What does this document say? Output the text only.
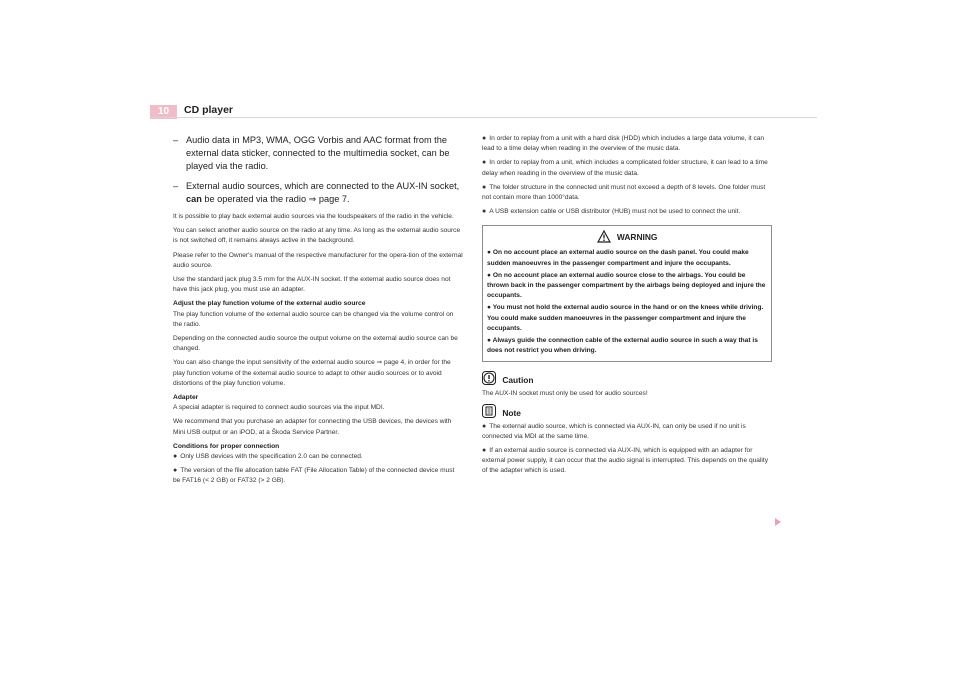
10	CD player
– Audio data in MP3, WMA, OGG Vorbis and AAC format from the external data sticker, connected to the multimedia socket, can be played via the radio.
– External audio sources, which are connected to the AUX-IN socket, can be operated via the radio ⇒ page 7.

It is possible to play back external audio sources via the loudspeakers of the radio in the vehicle.

You can select another audio source on the radio at any time. As long as the external audio source is not switched off, it remains always active in the background.

Please refer to the Owner's manual of the respective manufacturer for the opera-tion of the external audio source.

Use the standard jack plug 3.5 mm for the AUX-IN socket. If the external audio source does not have this jack plug, you must use an adapter.

Adjust the play function volume of the external audio source

The play function volume of the external audio source can be changed via the volume control on the radio.

Depending on the connected audio source the output volume on the external audio source can be changed.

You can also change the input sensitivity of the external audio source ⇒ page 4, in order for the play function volume of the external audio source to adapt to other audio sources or to avoid distortions of the play function volume.

Adapter

A special adapter is required to connect audio sources via the input MDI.

We recommend that you purchase an adapter for connecting the USB devices, the devices with Mini USB output or an iPOD, at a Škoda Service Partner.

Conditions for proper connection

● Only USB devices with the specification 2.0 can be connected.

● The version of the file allocation table FAT (File Allocation Table) of the connected device must be FAT16 (< 2 GB) or FAT32 (> 2 GB).

● In order to replay from a unit with a hard disk (HDD) which includes a large data volume, it can lead to a time delay when reading in the overview of the music data.

● In order to replay from a unit, which includes a complicated folder structure, it can lead to a time delay when reading in the overview of the music data.

● The folder structure in the connected unit must not exceed a depth of 8 levels. One folder must not contain more than 1000°data.

● A USB extension cable or USB distributor (HUB) must not be used to connect the unit.

WARNING
● On no account place an external audio source on the dash panel. You could make sudden manoeuvres in the passenger compartment and injure the occupants.
● On no account place an external audio source close to the airbags. You could be thrown back in the passenger compartment by the airbags being deployed and injure the occupants.
● You must not hold the external audio source in the hand or on the knees while driving. You could make sudden manoeuvres in the passenger compartment and injure the occupants.
● Always guide the connection cable of the external audio source in such a way that is does not restrict you when driving.
Caution

The AUX-IN socket must only be used for audio sources!

Note

● The external audio source, which is connected via AUX-IN, can only be used if no unit is connected via MDI at the same time.

● If an external audio source is connected via AUX-IN, which is equipped with an adapter for external power supply, it can occur that the audio signal is interrupted. This depends on the quality of the adapter which is used.
